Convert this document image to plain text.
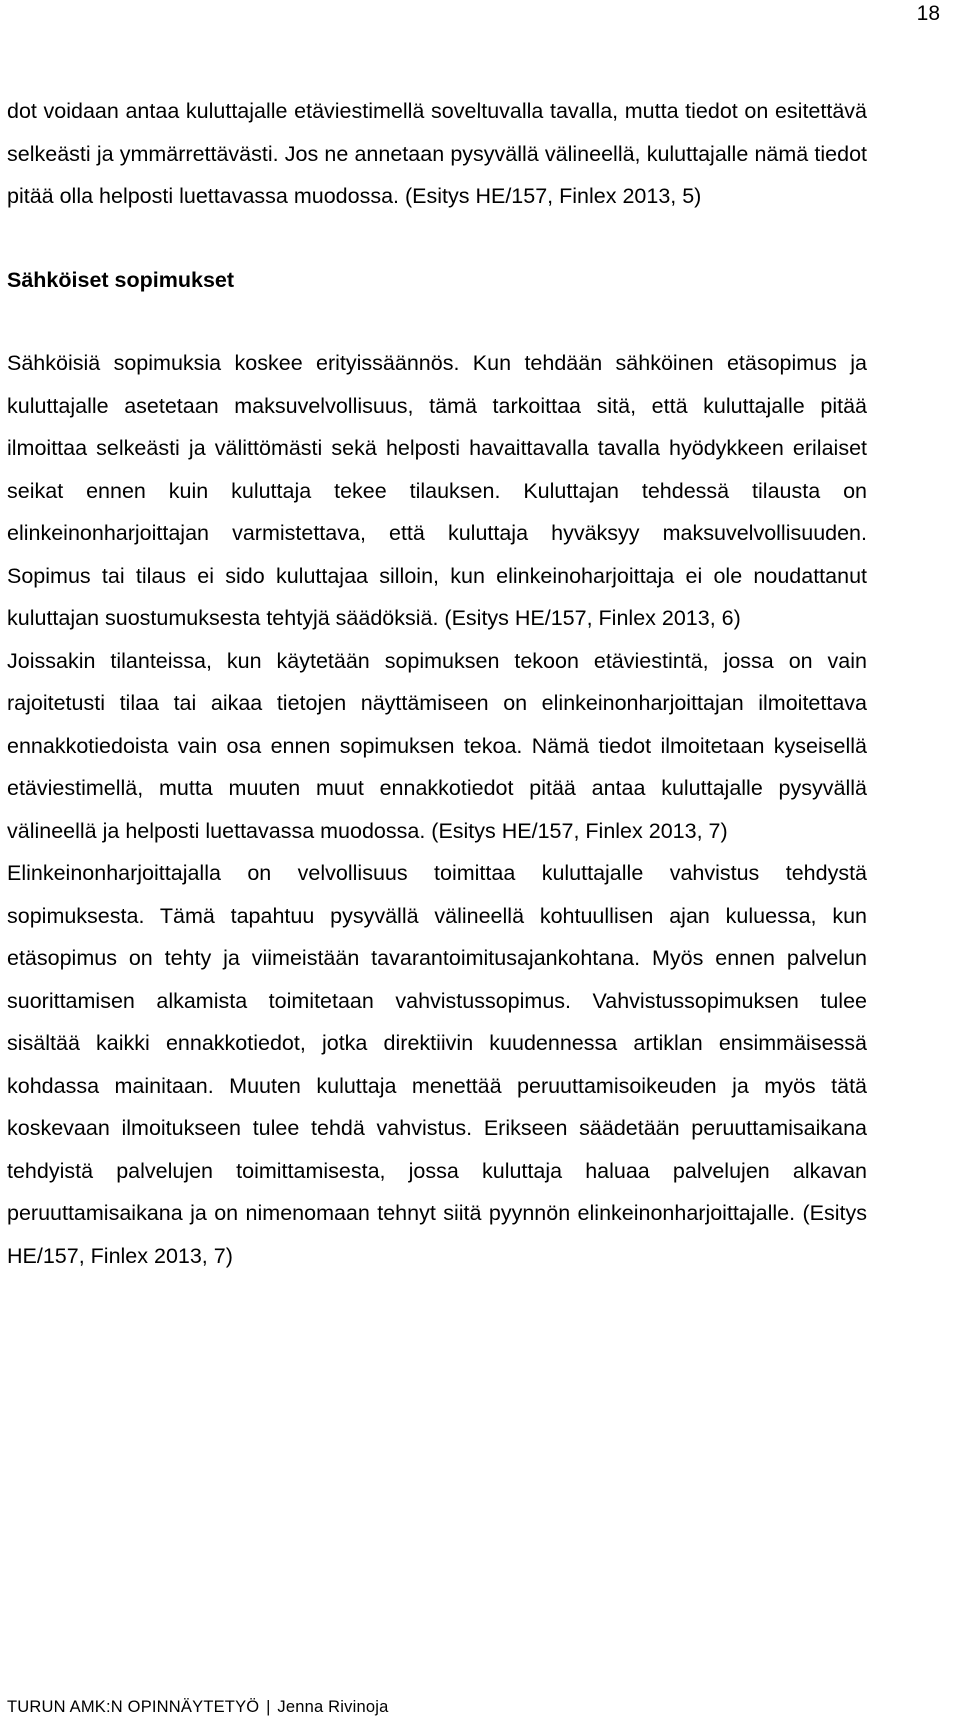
18

dot voidaan antaa kuluttajalle etäviestimellä soveltuvalla tavalla, mutta tiedot on esitettävä selkeästi ja ymmärrettävästi. Jos ne annetaan pysyvällä välineellä, kuluttajalle nämä tiedot pitää olla helposti luettavassa muodossa. (Esitys HE/157, Finlex 2013, 5)

Sähköiset sopimukset

Sähköisiä sopimuksia koskee erityissäännös. Kun tehdään sähköinen etäsopimus ja kuluttajalle asetetaan maksuvelvollisuus, tämä tarkoittaa sitä, että kuluttajalle pitää ilmoittaa selkeästi ja välittömästi sekä helposti havaittavalla tavalla hyödykkeen erilaiset seikat ennen kuin kuluttaja tekee tilauksen. Kuluttajan tehdessä tilausta on elinkeinonharjoittajan varmistettava, että kuluttaja hyväksyy maksuvelvollisuuden. Sopimus tai tilaus ei sido kuluttajaa silloin, kun elinkeinoharjoittaja ei ole noudattanut kuluttajan suostumuksesta tehtyjä säädöksiä. (Esitys HE/157, Finlex 2013, 6)

Joissakin tilanteissa, kun käytetään sopimuksen tekoon etäviestintä, jossa on vain rajoitetusti tilaa tai aikaa tietojen näyttämiseen on elinkeinonharjoittajan ilmoitettava ennakkotiedoista vain osa ennen sopimuksen tekoa. Nämä tiedot ilmoitetaan kyseisellä etäviestimellä, mutta muuten muut ennakkotiedot pitää antaa kuluttajalle pysyvällä välineellä ja helposti luettavassa muodossa. (Esitys HE/157, Finlex 2013, 7)

Elinkeinonharjoittajalla on velvollisuus toimittaa kuluttajalle vahvistus tehdystä sopimuksesta. Tämä tapahtuu pysyvällä välineellä kohtuullisen ajan kuluessa, kun etäsopimus on tehty ja viimeistään tavarantoimitusajankohtana. Myös ennen palvelun suorittamisen alkamista toimitetaan vahvistussopimus. Vahvistussopimuksen tulee sisältää kaikki ennakkotiedot, jotka direktiivin kuudennessa artiklan ensimmäisessä kohdassa mainitaan. Muuten kuluttaja menettää peruuttamisoikeuden ja myös tätä koskevaan ilmoitukseen tulee tehdä vahvistus. Erikseen säädetään peruuttamisaikana tehdyistä palvelujen toimittamisesta, jossa kuluttaja haluaa palvelujen alkavan peruuttamisaikana ja on nimenomaan tehnyt siitä pyynnön elinkeinonharjoittajalle. (Esitys HE/157, Finlex 2013, 7)

TURUN AMK:N OPINNÄYTETYÖ | Jenna Rivinoja
